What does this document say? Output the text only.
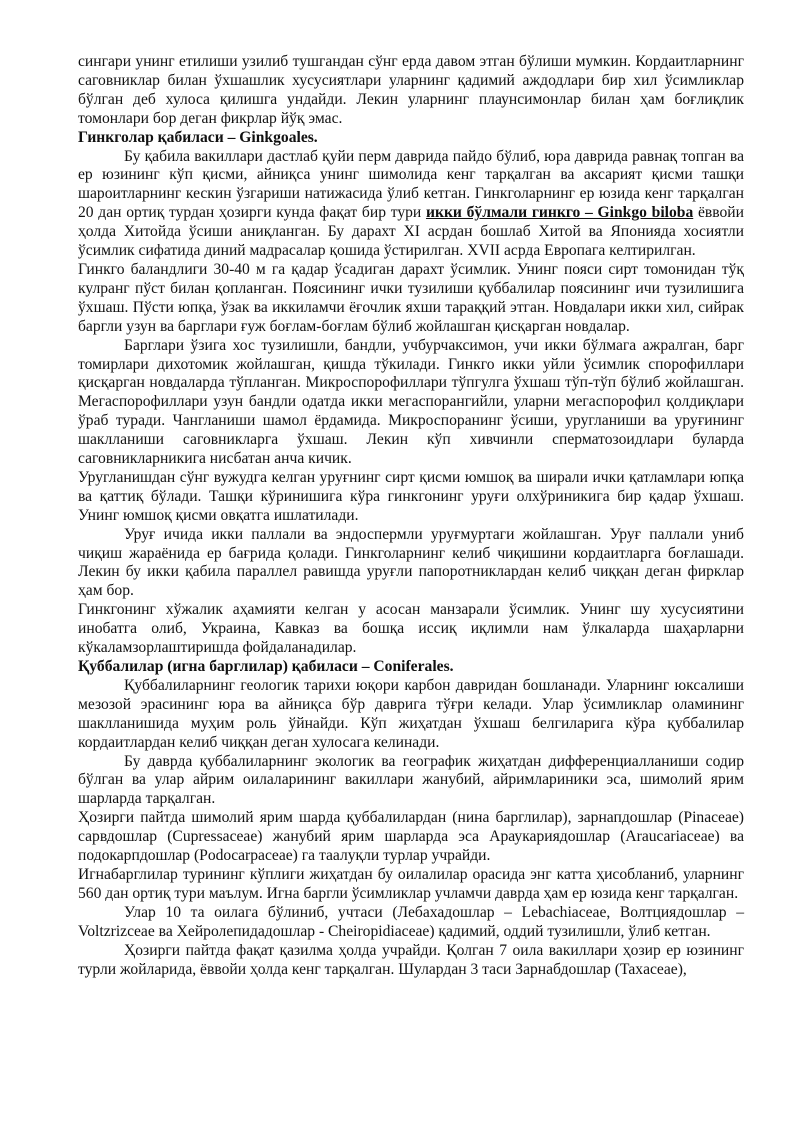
сингари унинг етилиши узилиб тушгандан сўнг ерда давом этган бўлиши мумкин. Кордаитларнинг саговниклар билан ўхшашлик хусусиятлари уларнинг қадимий аждодлари бир хил ўсимликлар бўлган деб хулоса қилишга ундайди. Лекин уларнинг плаунсимонлар билан ҳам боғлиқлик томонлари бор деган фикрлар йўқ эмас.

Гинкголар қабиласи – Ginkgoales.

Бу қабила вакиллари дастлаб қуйи перм даврида пайдо бўлиб, юра даврида равнақ топган ва ер юзининг кўп қисми, айниқса унинг шимолида кенг тарқалган ва аксарият қисми ташқи шароитларнинг кескин ўзгариши натижасида ўлиб кетган. Гинкголарнинг ер юзида кенг тарқалган 20 дан ортиқ турдан ҳозирги кунда фақат бир тури икки бўлмали гинкго – Ginkgo biloba ёввойи ҳолда Хитойда ўсиши аниқланган. Бу дарахт XI асрдан бошлаб Хитой ва Японияда хосиятли ўсимлик сифатида диний мадрасалар қошида ўстирилган. XVII асрда Европага келтирилган.

Гинкго баландлиги 30-40 м га қадар ўсадиган дарахт ўсимлик. Унинг пояси сирт томонидан тўқ кулранг пўст билан қопланган. Поясининг ички тузилиши қуббалилар поясининг ичи тузилишига ўхшаш. Пўсти юпқа, ўзак ва иккиламчи ёғочлик яхши тараққий этган. Новдалари икки хил, сийрак баргли узун ва барглари ғуж боғлам-боғлам бўлиб жойлашган қисқарган новдалар.

Барглари ўзига хос тузилишли, бандли, учбурчаксимон, учи икки бўлмага ажралган, барг томирлари дихотомик жойлашган, қишда тўкилади. Гинкго икки уйли ўсимлик спорофиллари қисқарган новдаларда тўпланган. Микроспорофиллари тўпгулга ўхшаш тўп-тўп бўлиб жойлашган. Мегаспорофиллари узун бандли одатда икки мегаспорангийли, уларни мегаспорофил қолдиқлари ўраб туради. Чангланиши шамол ёрдамида. Микроспоранинг ўсиши, уругланиши ва уруғининг шаклланиши саговникларга ўхшаш. Лекин кўп хивчинли сперматозоидлари буларда саговникларникига нисбатан анча кичик.

Уругланишдан сўнг вужудга келган уруғнинг сирт қисми юмшоқ ва ширали ички қатламлари юпқа ва қаттиқ бўлади. Ташқи кўринишига кўра гинкгонинг уруғи олхўриникига бир қадар ўхшаш. Унинг юмшоқ қисми овқатга ишлатилади.

Уруғ ичида икки паллали ва эндоспермли уруғмуртаги жойлашган. Уруғ паллали униб чиқиш жараёнида ер бағрида қолади. Гинкголарнинг келиб чиқишини кордаитларга боғлашади. Лекин бу икки қабила параллел равишда уруғли папоротниклардан келиб чиққан деган фирклар ҳам бор.

Гинкгонинг хўжалик аҳамияти келган у асосан манзарали ўсимлик. Унинг шу хусусиятини инобатга олиб, Украина, Кавказ ва бошқа иссиқ иқлимли нам ўлкаларда шаҳарларни кўкаламзорлаштиришда фойдаланадилар.

Қуббалилар (игна барглилар) қабиласи – Coniferales.

Қуббалиларнинг геологик тарихи юқори карбон давридан бошланади. Уларнинг юксалиши мезозой эрасининг юра ва айниқса бўр даврига тўғри келади. Улар ўсимликлар оламининг шаклланишида муҳим роль ўйнайди. Кўп жиҳатдан ўхшаш белгиларига кўра қуббалилар кордаитлардан келиб чиққан деган хулосага келинади.

Бу даврда қуббалиларнинг экологик ва географик жиҳатдан дифференциалланиши содир бўлган ва улар айрим оилаларининг вакиллари жанубий, айримлариники эса, шимолий ярим шарларда тарқалган.

Ҳозирги пайтда шимолий ярим шарда қуббалилардан (нина барглилар), зарнапдошлар (Pinaceae) сарвдошлар (Cupressaceae) жанубий ярим шарларда эса Араукариядошлар (Araucariaceae) ва подокарпдошлар (Podocarpaceae) га таалуқли турлар учрайди.

Игнабарглилар турининг кўплиги жиҳатдан бу оилалилар орасида энг катта ҳисобланиб, уларнинг 560 дан ортиқ тури маълум. Игна баргли ўсимликлар учламчи даврда ҳам ер юзида кенг тарқалган.

Улар 10 та оилага бўлиниб, учтаси (Лебахадошлар – Lebachiaceae, Волтциядошлар – Voltzrizceae ва Хейролепидадошлар - Cheiropidiaceae) қадимий, оддий тузилишли, ўлиб кетган.

Ҳозирги пайтда фақат қазилма ҳолда учрайди. Қолган 7 оила вакиллари ҳозир ер юзининг турли жойларида, ёввойи ҳолда кенг тарқалган. Шулардан 3 таси Зарнабдошлар (Taxaceae),
